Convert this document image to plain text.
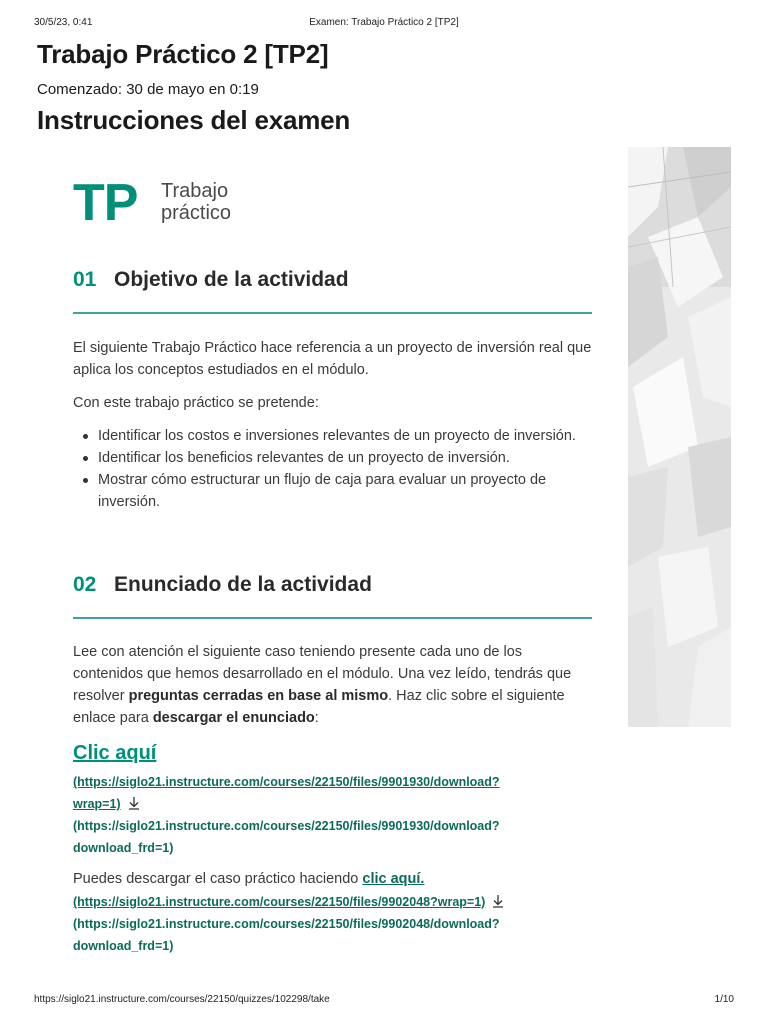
30/5/23, 0:41	Examen: Trabajo Práctico 2 [TP2]
Trabajo Práctico 2 [TP2]
Comenzado: 30 de mayo en 0:19
Instrucciones del examen
TP Trabajo
práctico
01 Objetivo de la actividad

El siguiente Trabajo Práctico hace referencia a un proyecto de inversión real que aplica los conceptos estudiados en el módulo.

Con este trabajo práctico se pretende:

Identificar los costos e inversiones relevantes de un proyecto de inversión.
Identificar los beneficios relevantes de un proyecto de inversión.
Mostrar cómo estructurar un flujo de caja para evaluar un proyecto de inversión.
02 Enunciado de la actividad

Lee con atención el siguiente caso teniendo presente cada uno de los contenidos que hemos desarrollado en el módulo. Una vez leído, tendrás que resolver preguntas cerradas en base al mismo. Haz clic sobre el siguiente enlace para descargar el enunciado:

Clic aquí
(https://siglo21.instructure.com/courses/22150/files/9901930/download?
wrap=1)
(https://siglo21.instructure.com/courses/22150/files/9901930/download?
download_frd=1)

Puedes descargar el caso práctico haciendo clic aquí.

(https://siglo21.instructure.com/courses/22150/files/9902048?wrap=1)
(https://siglo21.instructure.com/courses/22150/files/9902048/download?
download_frd=1)
https://siglo21.instructure.com/courses/22150/quizzes/102298/take	1/10
